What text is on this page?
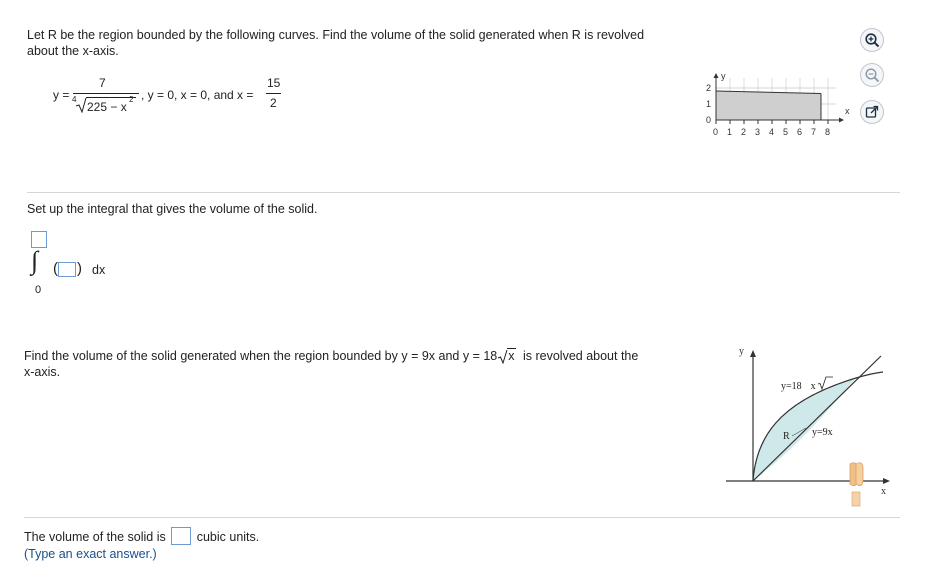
Let R be the region bounded by the following curves. Find the volume of the solid generated when R is revolved
about the x-axis.
y =
7
4
225 − x
2 , y = 0, x = 0, and x =
15
2
y
x
2
1
0
0 1 2 3 4 5 6 7 8
Set up the integral that gives the volume of the solid.
∫
0
( ) dx
Find the volume of the solid generated when the region bounded by y = 9x and y = 18 x is revolved about the
x-axis.
y
x
y=18 x
y=9x
R
The volume of the solid is cubic units.
(Type an exact answer.)
